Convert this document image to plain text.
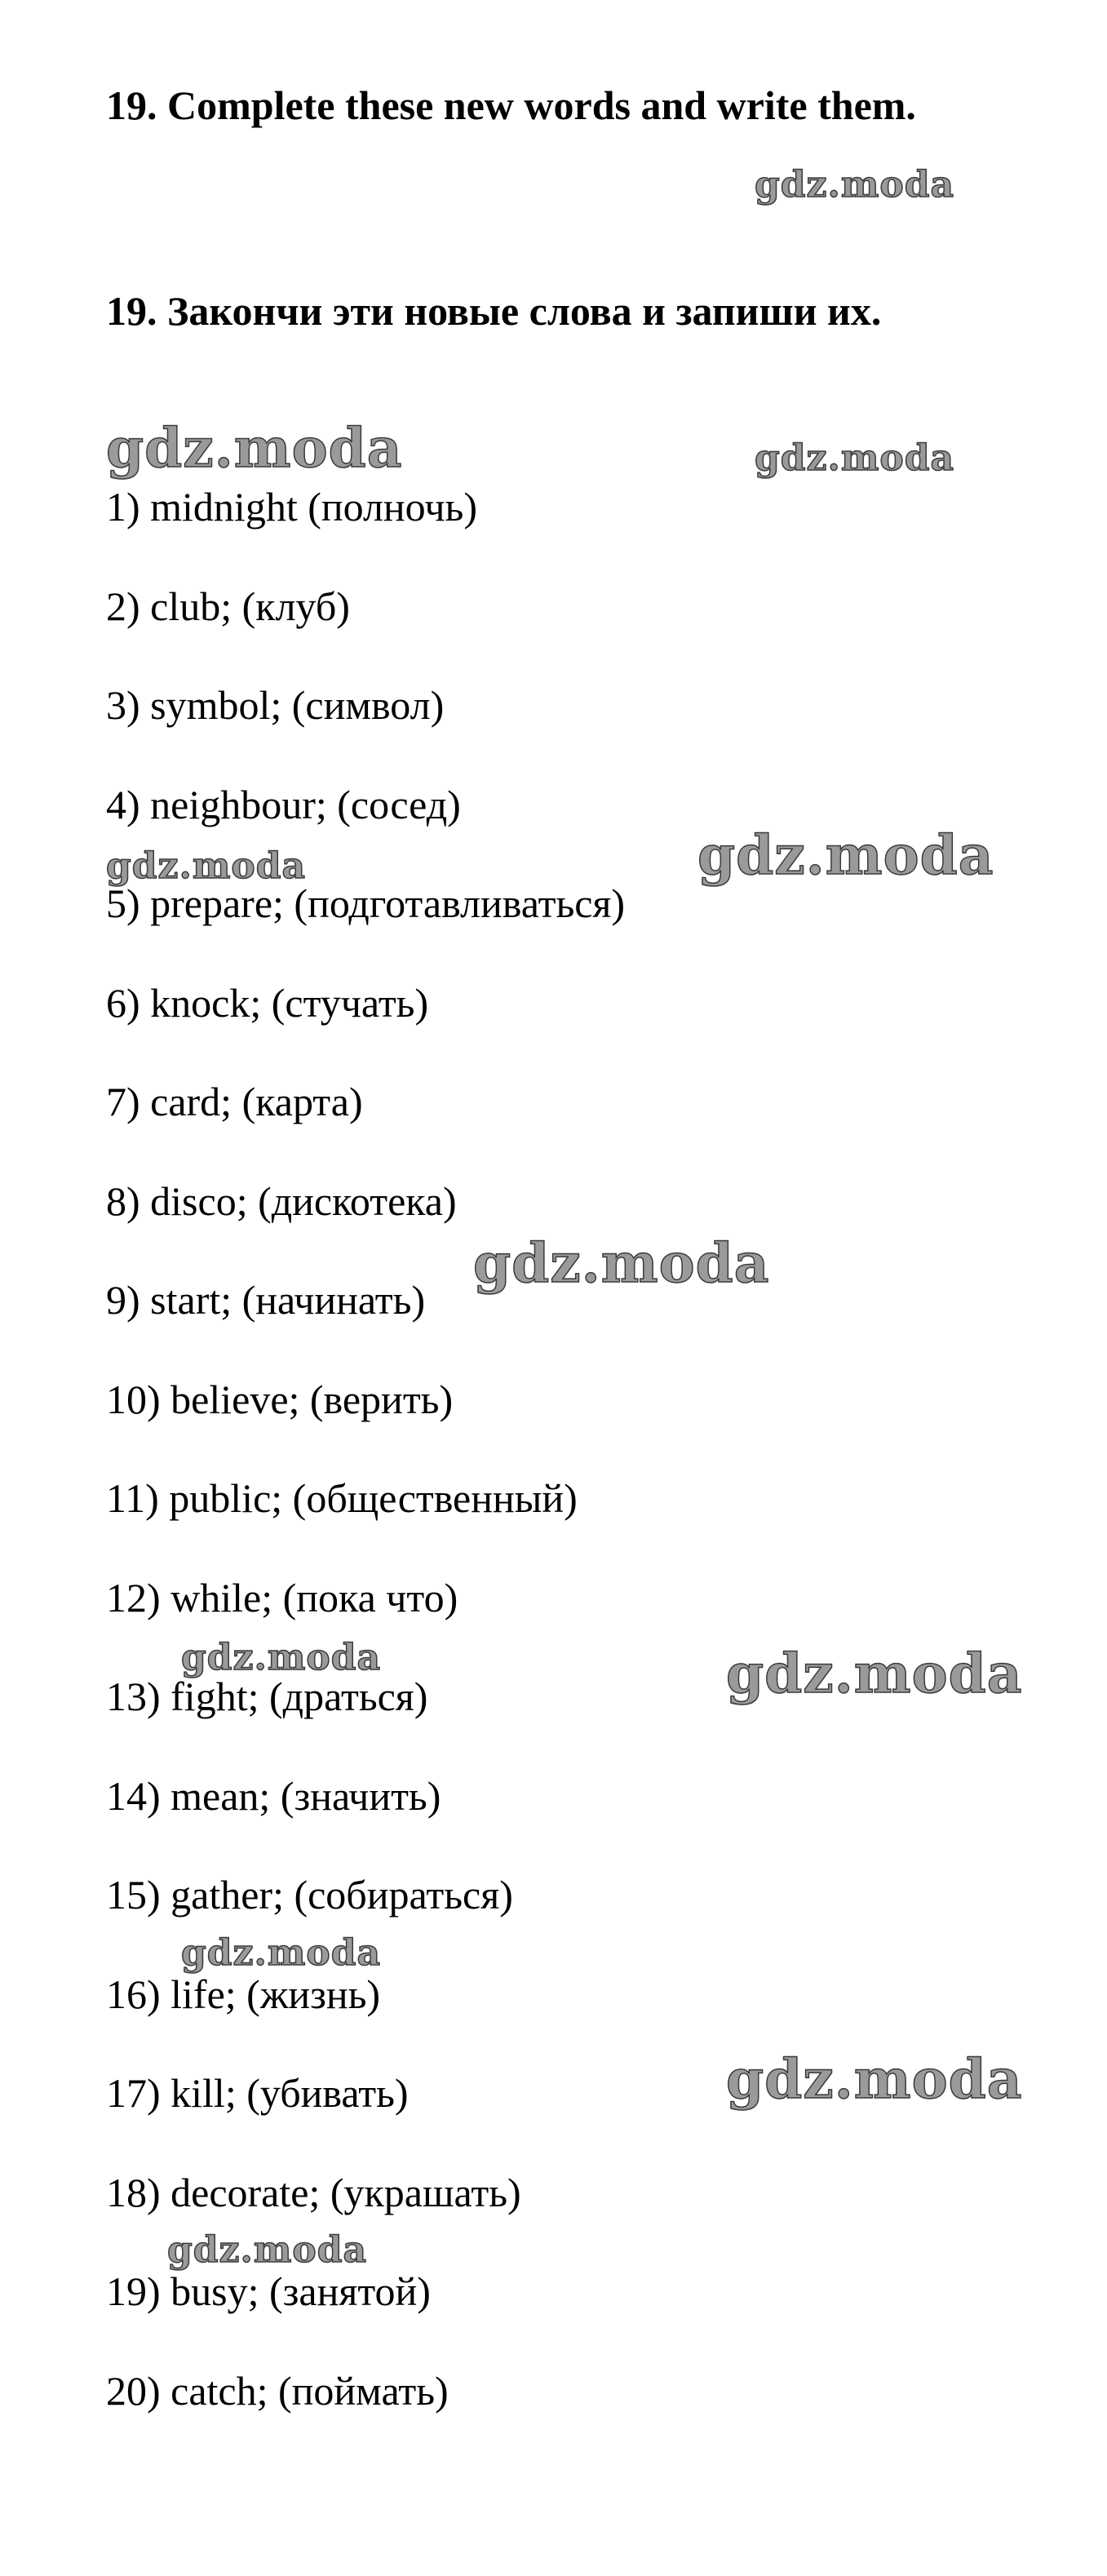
19. Complete these new words and write them.
19. Закончи эти новые слова и запиши их.
1) midnight (полночь)
2) club; (клуб)
3) symbol; (символ)
4) neighbour; (сосед)
5) prepare; (подготавливаться)
6) knock; (стучать)
7) card; (карта)
8) disco; (дискотека)
9) start; (начинать)
10) believe; (верить)
11) public; (общественный)
12) while; (пока что)
13) fight; (драться)
14) mean; (значить)
15) gather; (собираться)
16) life; (жизнь)
17) kill; (убивать)
18) decorate; (украшать)
19) busy; (занятой)
20) catch; (поймать)
gdz.moda
gdz.moda	gdz.moda
gdz.moda	gdz.moda
gdz.moda
gdz.moda	gdz.moda
gdz.moda
gdz.moda
gdz.moda
